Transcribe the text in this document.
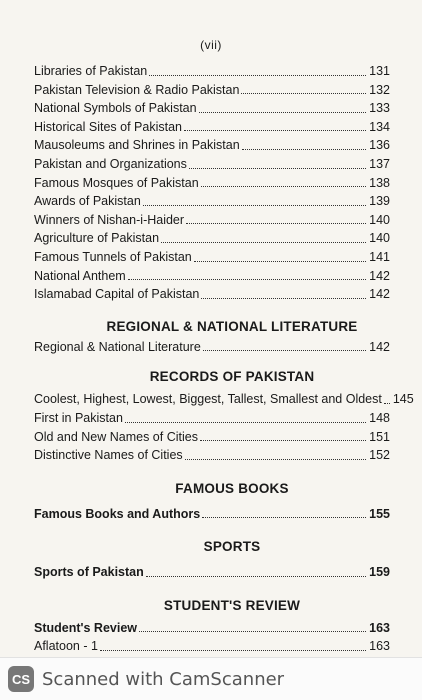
(vii)
Libraries of Pakistan	131
Pakistan Television & Radio Pakistan	132
National Symbols of Pakistan	133
Historical Sites of Pakistan	134
Mausoleums and Shrines in Pakistan	136
Pakistan and Organizations	137
Famous Mosques of Pakistan	138
Awards of Pakistan	139
Winners of Nishan-i-Haider	140
Agriculture of Pakistan	140
Famous Tunnels of Pakistan	141
National Anthem	142
Islamabad Capital of Pakistan	142
REGIONAL & NATIONAL LITERATURE
Regional & National Literature	142
RECORDS OF PAKISTAN
Coolest, Highest, Lowest, Biggest, Tallest, Smallest and Oldest 145
First in Pakistan	148
Old and New Names of Cities	151
Distinctive Names of Cities	152
FAMOUS BOOKS
Famous Books and Authors	155
SPORTS
Sports of Pakistan	159
STUDENT'S REVIEW
Student's Review	163
Aflatoon - 1	163
CS Scanned with CamScanner
